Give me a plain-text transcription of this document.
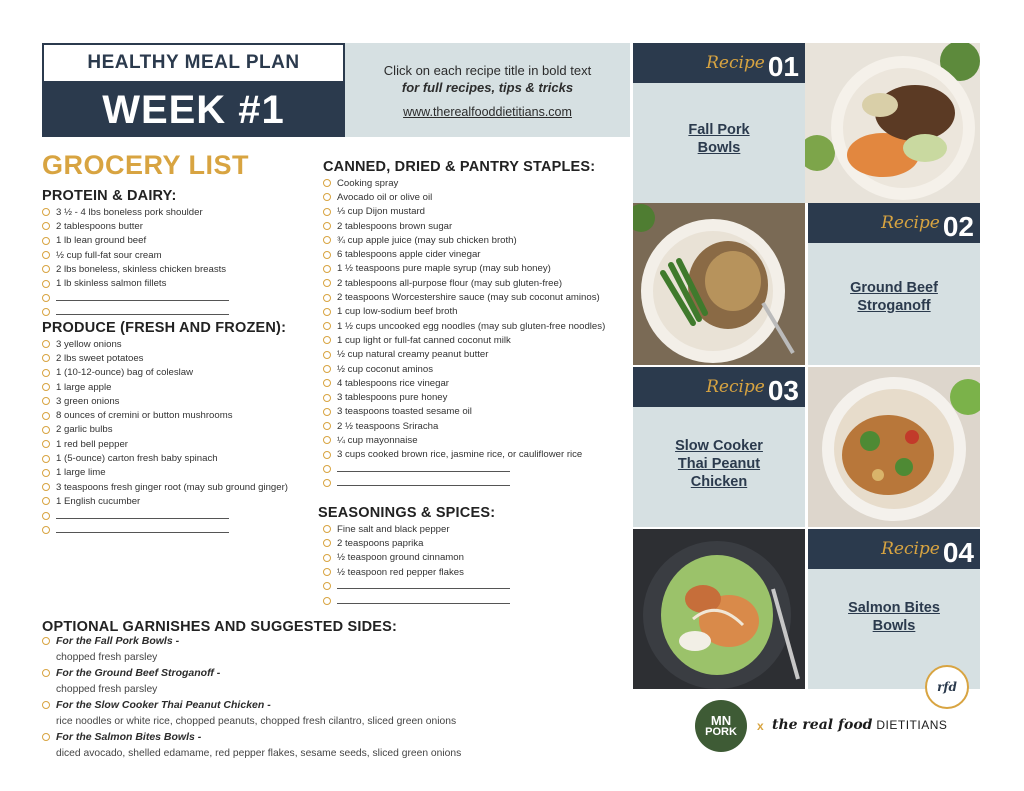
HEALTHY MEAL PLAN
WEEK #1
Click on each recipe title in bold text
for full recipes, tips & tricks
www.therealfooddietitians.com
GROCERY LIST
PROTEIN & DAIRY:
3 ½ - 4 lbs boneless pork shoulder
2 tablespoons butter
1 lb lean ground beef
½ cup full-fat sour cream
2 lbs boneless, skinless chicken breasts
1 lb skinless salmon fillets
PRODUCE (FRESH AND FROZEN):
3 yellow onions
2 lbs sweet potatoes
1 (10-12-ounce) bag of coleslaw
1 large apple
3 green onions
8 ounces of cremini or button mushrooms
2 garlic bulbs
1 red bell pepper
1 (5-ounce) carton fresh baby spinach
1 large lime
3 teaspoons fresh ginger root (may sub ground ginger)
1 English cucumber
CANNED, DRIED & PANTRY STAPLES:
Cooking spray
Avocado oil or olive oil
⅓ cup Dijon mustard
2 tablespoons brown sugar
¾ cup apple juice (may sub chicken broth)
6 tablespoons apple cider vinegar
1 ½ teaspoons pure maple syrup (may sub honey)
2 tablespoons all-purpose flour (may sub gluten-free)
2 teaspoons Worcestershire sauce (may sub coconut aminos)
1 cup low-sodium beef broth
1 ½ cups uncooked egg noodles (may sub gluten-free noodles)
1 cup light or full-fat canned coconut milk
½ cup natural creamy peanut butter
½ cup coconut aminos
4 tablespoons rice vinegar
3 tablespoons pure honey
3 teaspoons toasted sesame oil
2 ½ teaspoons Sriracha
¼ cup mayonnaise
3 cups cooked brown rice, jasmine rice, or cauliflower rice
SEASONINGS & SPICES:
Fine salt and black pepper
2 teaspoons paprika
½ teaspoon ground cinnamon
½ teaspoon red pepper flakes
OPTIONAL GARNISHES AND SUGGESTED SIDES:
For the Fall Pork Bowls -
chopped fresh parsley
For the Ground Beef Stroganoff -
chopped fresh parsley
For the Slow Cooker Thai Peanut Chicken -
rice noodles or white rice, chopped peanuts, chopped fresh cilantro, sliced green onions
For the Salmon Bites Bowls -
diced avocado, shelled edamame, red pepper flakes, sesame seeds, sliced green onions
Recipe 01
Fall Pork
Bowls
Recipe 02
Ground Beef
Stroganoff
Recipe 03
Slow Cooker
Thai Peanut
Chicken
Recipe 04
Salmon Bites
Bowls
rfd
MN
PORK x the real food DIETITIANS
